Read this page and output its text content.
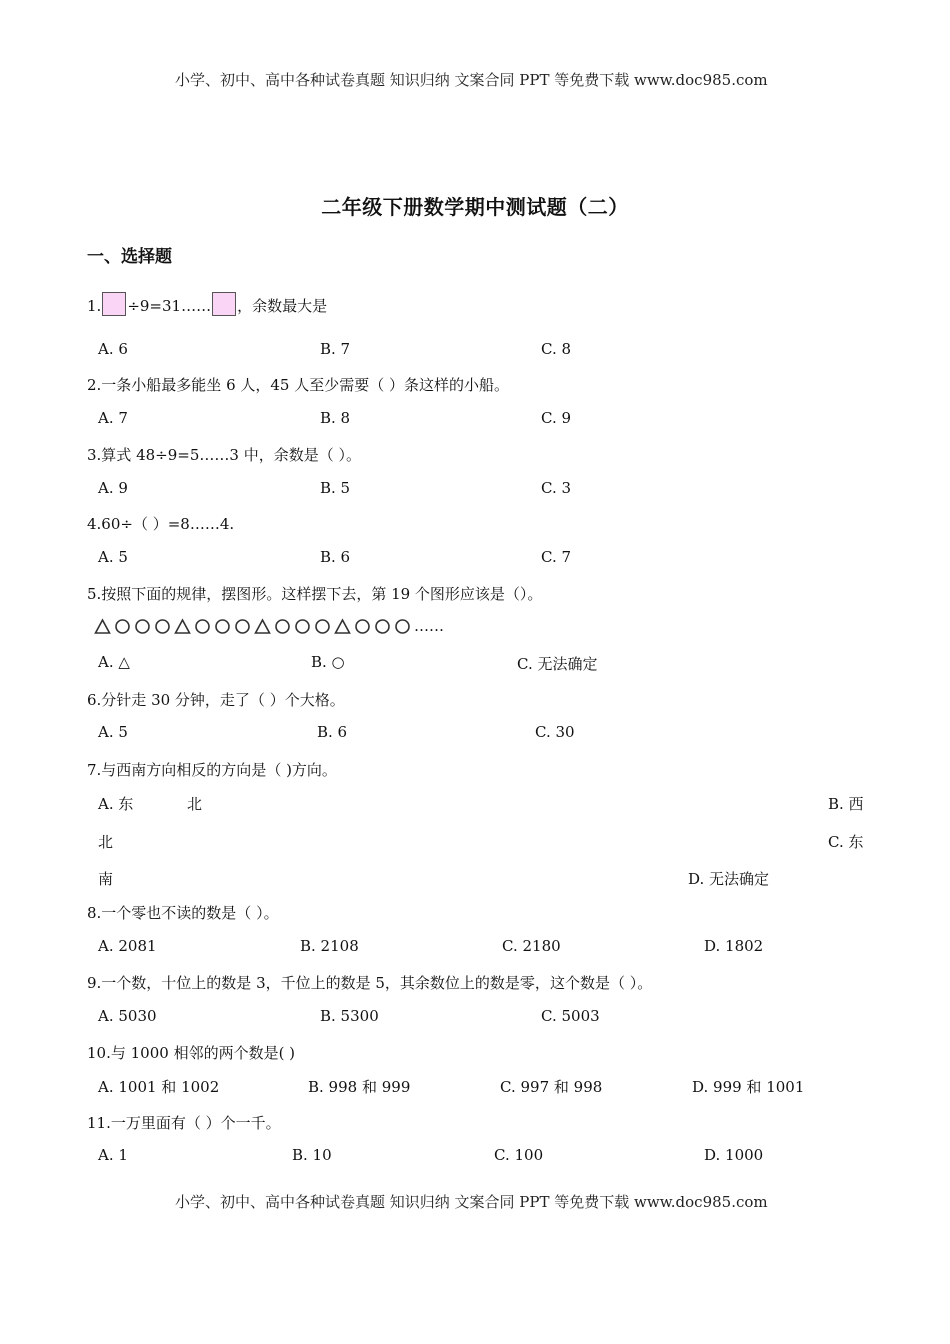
小学、初中、高中各种试卷真题 知识归纳 文案合同 PPT 等免费下载 www.doc985.com
二年级下册数学期中测试题（二）
一、选择题
1. ÷9=31…… ，余数最大是
A. 6	B. 7	C. 8
2.一条小船最多能坐 6 人，45 人至少需要（ ）条这样的小船。
A. 7	B. 8	C. 9
3.算式 48÷9=5……3 中，余数是（ ）。
A. 9	B. 5	C. 3
4.60÷（ ）=8……4.
A. 5	B. 6	C. 7
5.按照下面的规律，摆图形。这样摆下去，第 19 个图形应该是（）。
……
A. △	B. ○	C. 无法确定
6.分针走 30 分钟，走了（ ）个大格。
A. 5	B. 6	C. 30
7.与西南方向相反的方向是（ )方向。
A. 东	北	B. 西
北	C. 东
南	D. 无法确定
8.一个零也不读的数是（ ）。
A. 2081	B. 2108	C. 2180	D. 1802
9.一个数，十位上的数是 3，千位上的数是 5，其余数位上的数是零，这个数是（ ）。
A. 5030	B. 5300	C. 5003
10.与 1000 相邻的两个数是( )
A. 1001 和 1002	B. 998 和 999	C. 997 和 998	D. 999 和 1001
11.一万里面有（ ）个一千。
A. 1	B. 10	C. 100	D. 1000
小学、初中、高中各种试卷真题 知识归纳 文案合同 PPT 等免费下载 www.doc985.com
